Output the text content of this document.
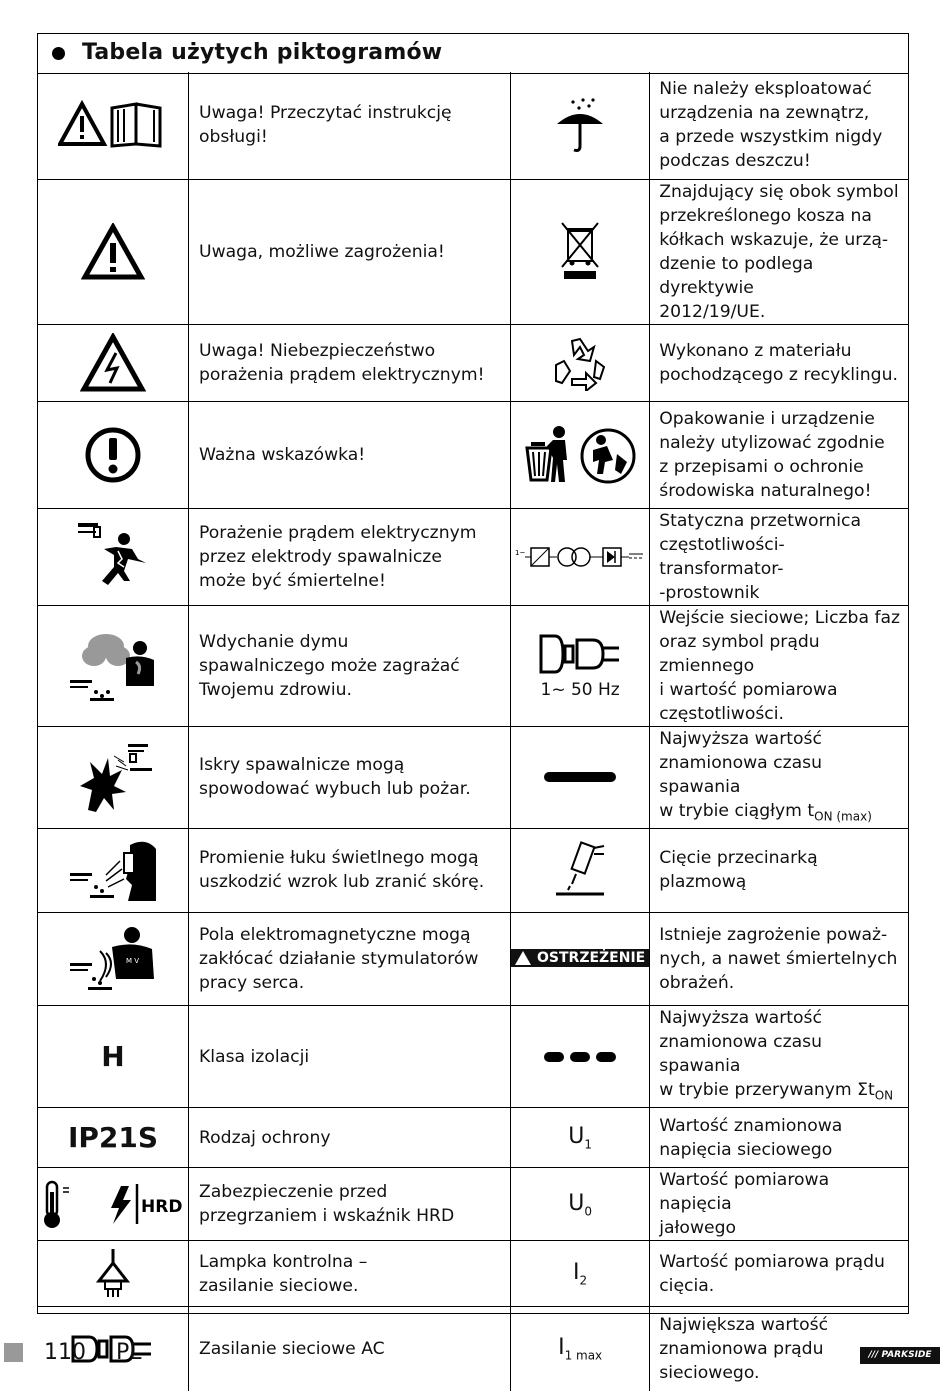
Tabela użytych piktogramów
	Uwaga! Przeczytać instrukcję
obsługi!		Nie należy eksploatować
urządzenia na zewnątrz,
a przede wszystkim nigdy
podczas deszczu!

	Uwaga, możliwe zagrożenia!		Znajdujący się obok symbol
przekreślonego kosza na
kółkach wskazuje, że urzą-
dzenie to podlega dyrektywie
2012/19/UE.

	Uwaga! Niebezpieczeństwo
porażenia prądem elektrycznym!		Wykonano z materiału
pochodzącego z recyklingu.

	Ważna wskazówka!		Opakowanie i urządzenie
należy utylizować zgodnie
z przepisami o ochronie
środowiska naturalnego!

	Porażenie prądem elektrycznym
przez elektrody spawalnicze
może być śmiertelne!	1~	Statyczna przetwornica
częstotliwości-transformator-
-prostownik

	Wdychanie dymu
spawalniczego może zagrażać
Twojemu zdrowiu.	1~ 50 Hz	Wejście sieciowe; Liczba faz
oraz symbol prądu zmiennego
i wartość pomiarowa
częstotliwości.

	Iskry spawalnicze mogą
spowodować wybuch lub pożar.		Najwyższa wartość
znamionowa czasu spawania
w trybie ciągłym $t_{ON (max)}$

	Promienie łuku świetlnego mogą
uszkodzić wzrok lub zranić skórę.		Cięcie przecinarką plazmową

M V	Pola elektromagnetyczne mogą
zakłócać działanie stymulatorów
pracy serca.	OSTRZEŻENIE	Istnieje zagrożenie poważ-
nych, a nawet śmiertelnych
obrażeń.

H	Klasa izolacji		Najwyższa wartość
znamionowa czasu spawania
w trybie przerywanym $\Sigma t_{ON}$

IP21S	Rodzaj ochrony	$U_1$	Wartość znamionowa
napięcia sieciowego

HRD	Zabezpieczenie przed
przegrzaniem i wskaźnik HRD	$U_0$	Wartość pomiarowa napięcia
jałowego

	Lampka kontrolna –
zasilanie sieciowe.	$I_2$	Wartość pomiarowa prądu
cięcia.

	Zasilanie sieciowe AC	$I_{1 max}$	Największa wartość
znamionowa prądu
sieciowego.
110 PL	/// PARKSIDE
